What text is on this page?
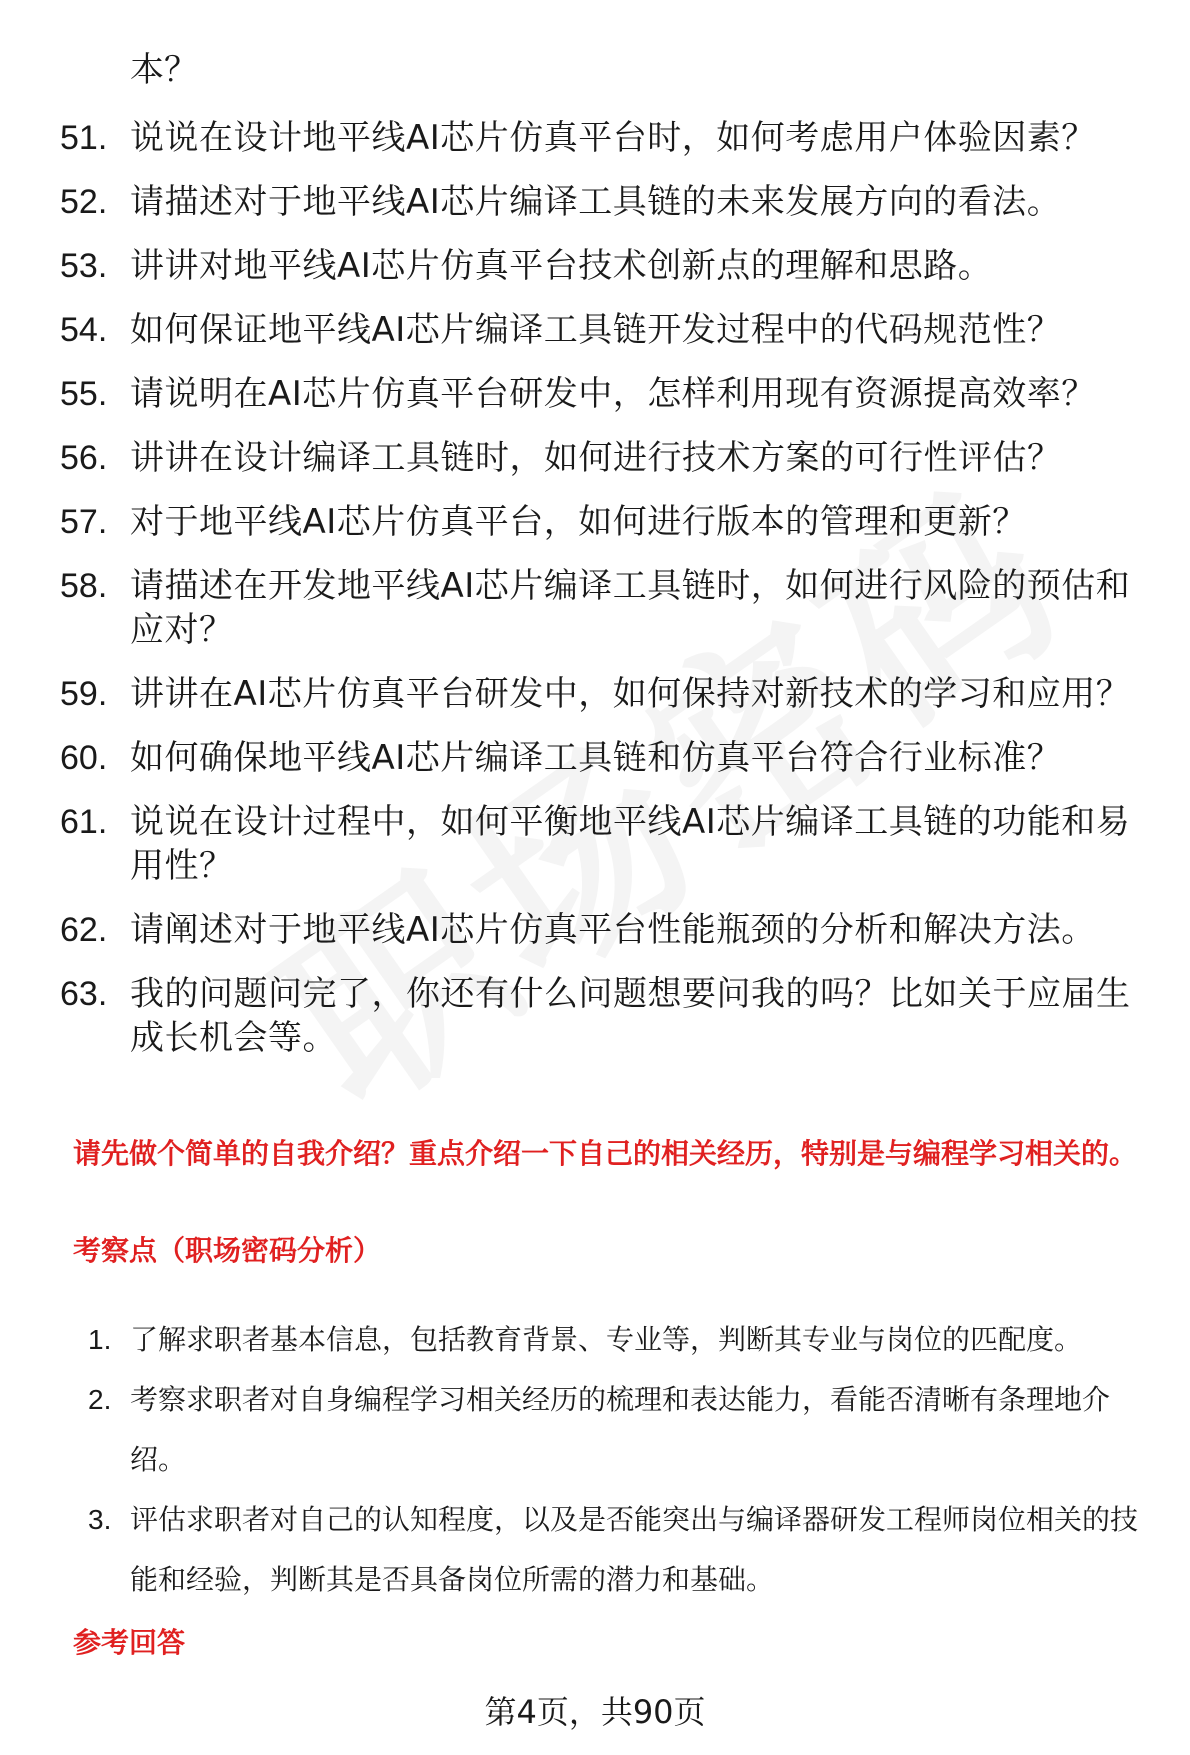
本？
51. 说说在设计地平线AI芯片仿真平台时，如何考虑用户体验因素？
52. 请描述对于地平线AI芯片编译工具链的未来发展方向的看法。
53. 讲讲对地平线AI芯片仿真平台技术创新点的理解和思路。
54. 如何保证地平线AI芯片编译工具链开发过程中的代码规范性？
55. 请说明在AI芯片仿真平台研发中，怎样利用现有资源提高效率？
56. 讲讲在设计编译工具链时，如何进行技术方案的可行性评估？
57. 对于地平线AI芯片仿真平台，如何进行版本的管理和更新？
58. 请描述在开发地平线AI芯片编译工具链时，如何进行风险的预估和应对？
59. 讲讲在AI芯片仿真平台研发中，如何保持对新技术的学习和应用？
60. 如何确保地平线AI芯片编译工具链和仿真平台符合行业标准？
61. 说说在设计过程中，如何平衡地平线AI芯片编译工具链的功能和易用性？
62. 请阐述对于地平线AI芯片仿真平台性能瓶颈的分析和解决方法。
63. 我的问题问完了，你还有什么问题想要问我的吗？比如关于应届生成长机会等。
请先做个简单的自我介绍？重点介绍一下自己的相关经历，特别是与编程学习相关的。
考察点（职场密码分析）
1. 了解求职者基本信息，包括教育背景、专业等，判断其专业与岗位的匹配度。
2. 考察求职者对自身编程学习相关经历的梳理和表达能力，看能否清晰有条理地介绍。
3. 评估求职者对自己的认知程度，以及是否能突出与编译器研发工程师岗位相关的技能和经验，判断其是否具备岗位所需的潜力和基础。
参考回答
第4页，共90页
